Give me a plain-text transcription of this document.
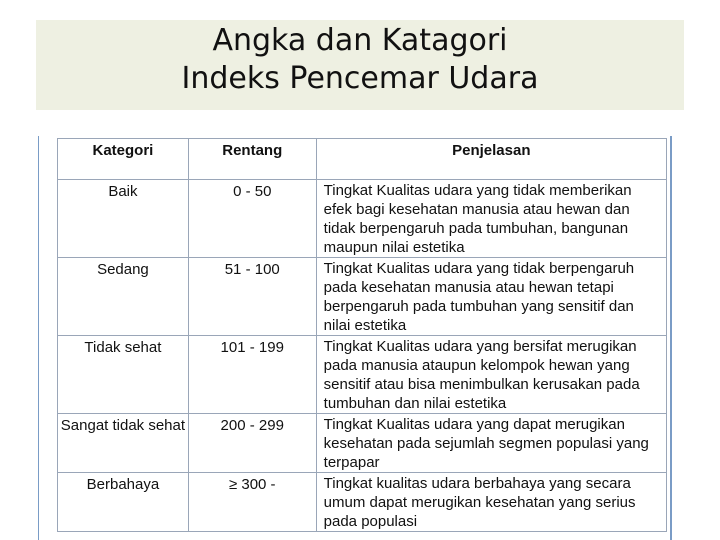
Angka dan Katagori
Indeks Pencemar Udara
Kategori	Rentang	Penjelasan
Baik	0 - 50	Tingkat Kualitas udara yang tidak memberikan efek bagi kesehatan manusia atau hewan dan tidak berpengaruh pada tumbuhan, bangunan maupun nilai estetika
Sedang	51 - 100	Tingkat Kualitas udara yang tidak berpengaruh pada kesehatan manusia atau hewan tetapi berpengaruh pada tumbuhan yang sensitif dan nilai estetika
Tidak sehat	101 - 199	Tingkat Kualitas udara yang bersifat merugikan pada manusia ataupun kelompok hewan yang sensitif atau bisa menimbulkan kerusakan pada tumbuhan dan nilai estetika
Sangat tidak sehat	200 - 299	Tingkat Kualitas udara yang dapat merugikan kesehatan pada sejumlah segmen populasi yang terpapar
Berbahaya	≥ 300 -	Tingkat kualitas udara berbahaya yang secara umum dapat merugikan kesehatan yang serius pada populasi
